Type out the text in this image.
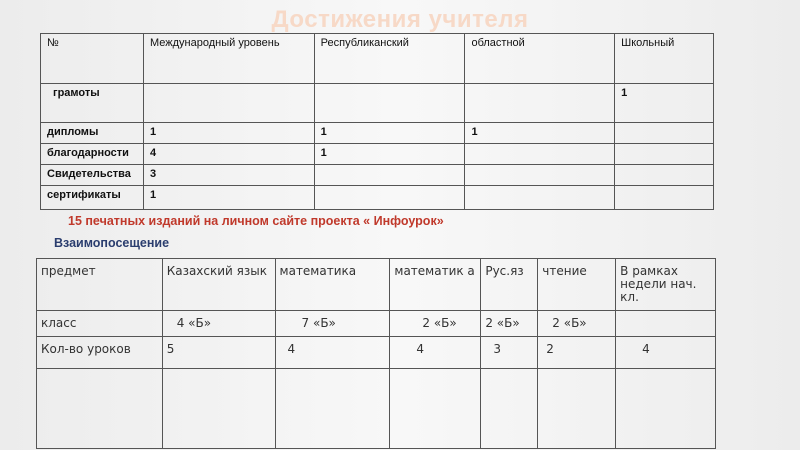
Достижения учителя
№	Международный уровень	Республиканский	областной	Школьный
грамоты				1
дипломы	1	1	1	
благодарности	4	1		
Свидетельства	3			
сертификаты	1			
15 печатных изданий на личном сайте проекта « Инфоурок»
Взаимопосещение
предмет	Казахский язык	математика	математик а	Рус.яз	чтение	В рамках недели нач. кл.
класс	4 «Б»	7 «Б»	2 «Б»	2 «Б»	2 «Б»	
Кол-во уроков	5	4	4	3	2	4
